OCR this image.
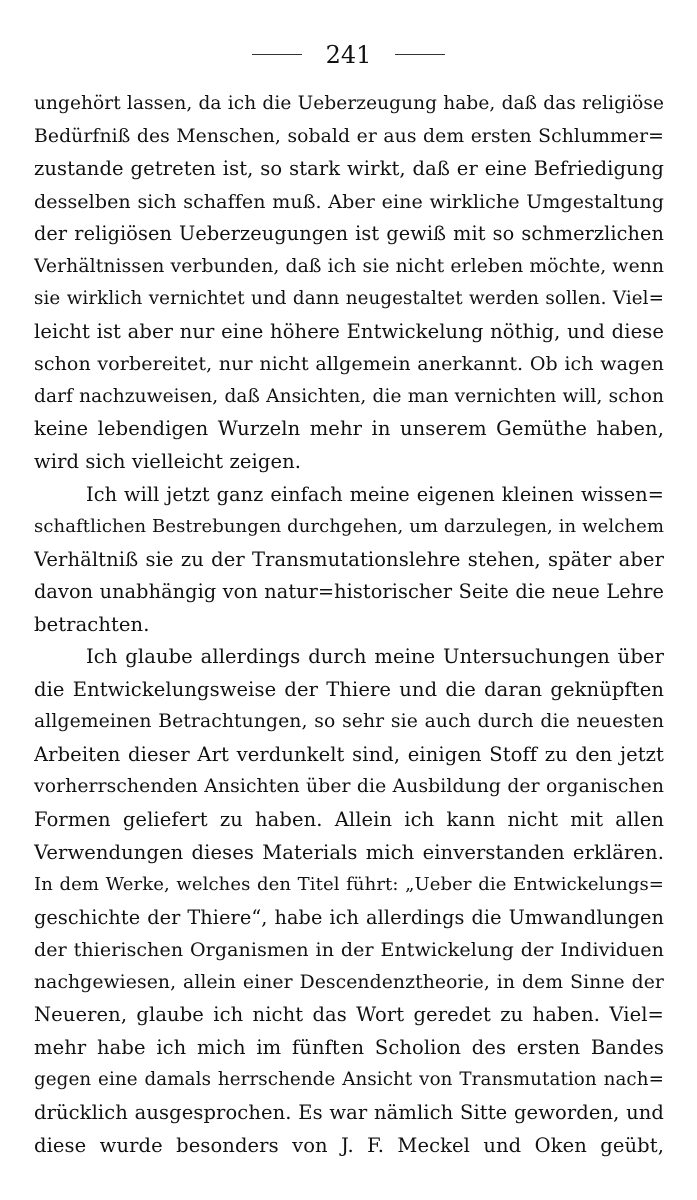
241
ungehört lassen, da ich die Ueberzeugung habe, daß das religiöse
Bedürfniß des Menschen, sobald er aus dem ersten Schlummer=
zustande getreten ist, so stark wirkt, daß er eine Befriedigung
desselben sich schaffen muß. Aber eine wirkliche Umgestaltung
der religiösen Ueberzeugungen ist gewiß mit so schmerzlichen
Verhältnissen verbunden, daß ich sie nicht erleben möchte, wenn
sie wirklich vernichtet und dann neugestaltet werden sollen. Viel=
leicht ist aber nur eine höhere Entwickelung nöthig, und diese
schon vorbereitet, nur nicht allgemein anerkannt. Ob ich wagen
darf nachzuweisen, daß Ansichten, die man vernichten will, schon
keine lebendigen Wurzeln mehr in unserem Gemüthe haben,
wird sich vielleicht zeigen.
Ich will jetzt ganz einfach meine eigenen kleinen wissen=
schaftlichen Bestrebungen durchgehen, um darzulegen, in welchem
Verhältniß sie zu der Transmutationslehre stehen, später aber
davon unabhängig von natur=historischer Seite die neue Lehre
betrachten.
Ich glaube allerdings durch meine Untersuchungen über
die Entwickelungsweise der Thiere und die daran geknüpften
allgemeinen Betrachtungen, so sehr sie auch durch die neuesten
Arbeiten dieser Art verdunkelt sind, einigen Stoff zu den jetzt
vorherrschenden Ansichten über die Ausbildung der organischen
Formen geliefert zu haben. Allein ich kann nicht mit allen
Verwendungen dieses Materials mich einverstanden erklären.
In dem Werke, welches den Titel führt: „Ueber die Entwickelungs=
geschichte der Thiere“, habe ich allerdings die Umwandlungen
der thierischen Organismen in der Entwickelung der Individuen
nachgewiesen, allein einer Descendenztheorie, in dem Sinne der
Neueren, glaube ich nicht das Wort geredet zu haben. Viel=
mehr habe ich mich im fünften Scholion des ersten Bandes
gegen eine damals herrschende Ansicht von Transmutation nach=
drücklich ausgesprochen. Es war nämlich Sitte geworden, und
diese wurde besonders von J. F. Meckel und Oken geübt,
